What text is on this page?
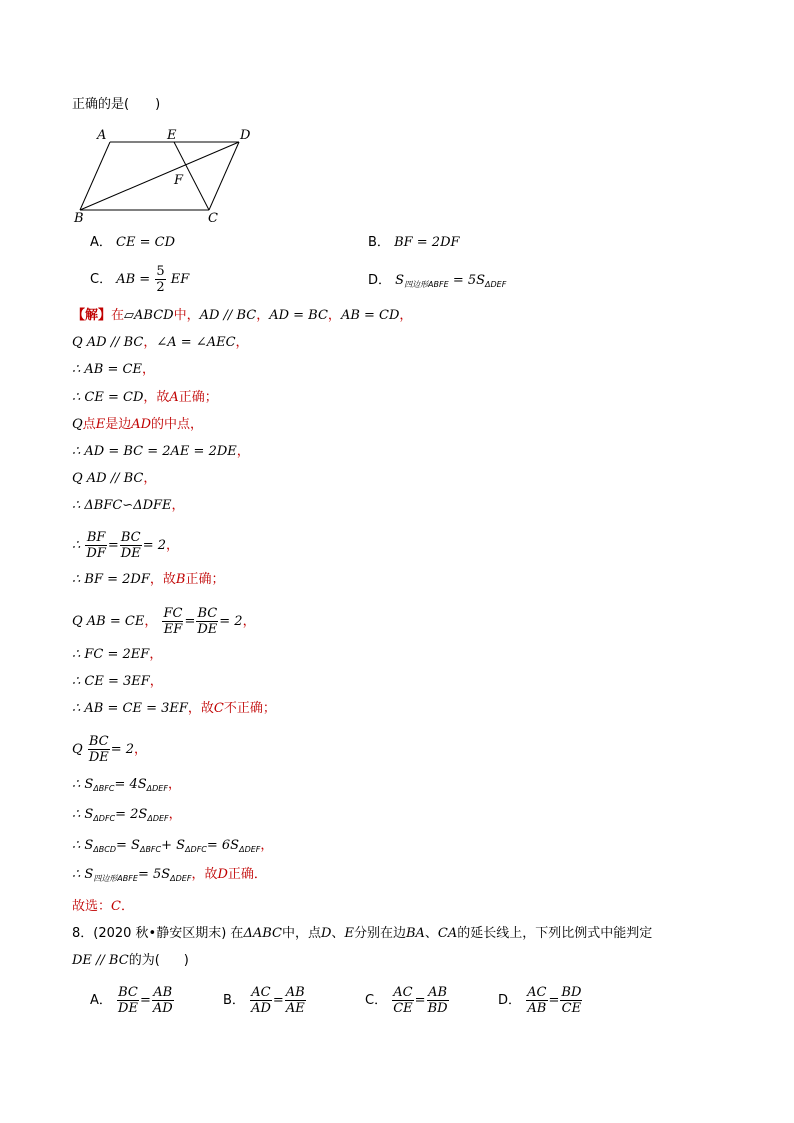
正确的是( )
A	E	D
F
B	C
A． CE = CD	B． BF = 2DF
C． AB = $\frac{5}{2}$ EF	D． $S_{四边形ABFE} = 5S_{\Delta DEF}$
【解】在▱ABCD中，AD // BC，AD = BC，AB = CD，
Q AD // BC，∠A = ∠AEC，
∴ AB = CE，
∴ CE = CD，故A正确；
Q点E是边AD的中点，
∴ AD = BC = 2AE = 2DE，
Q AD // BC，
∴ ΔBFC∽ΔDFE，
∴ $\frac{BF}{DF} = \frac{BC}{DE} = 2$，
∴ BF = 2DF，故B正确；
Q AB = CE， $\frac{FC}{EF} = \frac{BC}{DE} = 2$，
∴ FC = 2EF，
∴ CE = 3EF，
∴ AB = CE = 3EF，故C不正确；
Q $\frac{BC}{DE} = 2$，
∴ $S_{\Delta BFC}= 4S_{\Delta DEF}$，
∴ $S_{\Delta DFC}= 2S_{\Delta DEF}$，
∴ $S_{\Delta BCD}= S_{\Delta BFC}+ S_{\Delta DFC}= 6S_{\Delta DEF}$，
∴ $S_{四边形ABFE}= 5S_{\Delta DEF}$，故D正确．
故选：C．
8．(2020 秋•静安区期末) 在ΔABC中，点D、E分别在边BA、CA的延长线上，下列比例式中能判定
DE // BC的为( )
A． $\frac{BC}{DE} = \frac{AB}{AD}$	B． $\frac{AC}{AD} = \frac{AB}{AE}$	C． $\frac{AC}{CE} = \frac{AB}{BD}$	D． $\frac{AC}{AB} = \frac{BD}{CE}$
